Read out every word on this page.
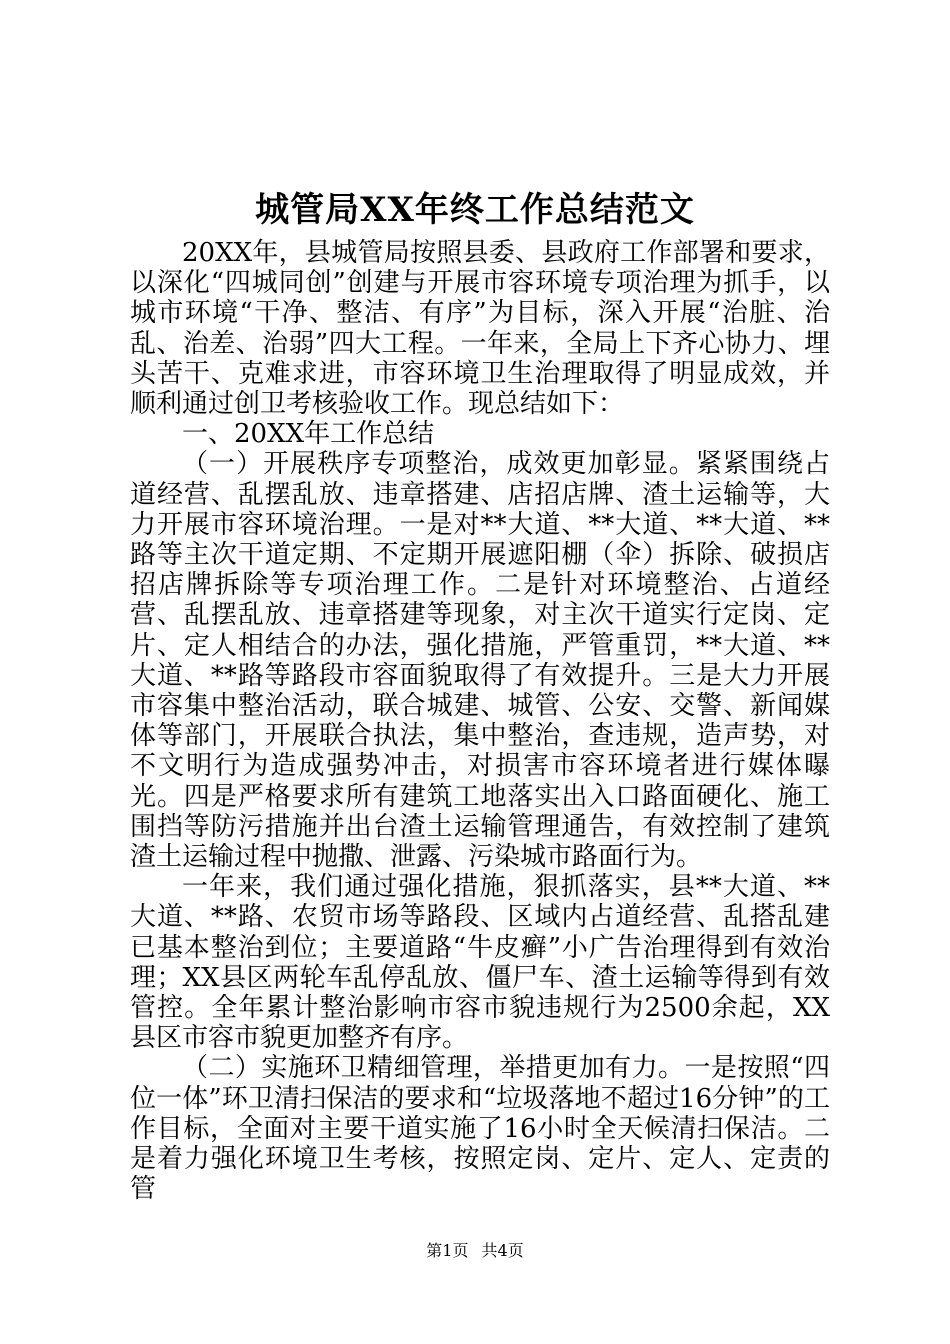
城管局XX年终工作总结范文

20XX年，县城管局按照县委、县政府工作部署和要求，以深化“四城同创”创建与开展市容环境专项治理为抓手，以城市环境“干净、整洁、有序”为目标，深入开展“治脏、治乱、治差、治弱”四大工程。一年来，全局上下齐心协力、埋头苦干、克难求进，市容环境卫生治理取得了明显成效，并顺利通过创卫考核验收工作。现总结如下：

一、20XX年工作总结

（一）开展秩序专项整治，成效更加彰显。紧紧围绕占道经营、乱摆乱放、违章搭建、店招店牌、渣土运输等，大力开展市容环境治理。一是对**大道、**大道、**大道、**路等主次干道定期、不定期开展遮阳棚（伞）拆除、破损店招店牌拆除等专项治理工作。二是针对环境整治、占道经营、乱摆乱放、违章搭建等现象，对主次干道实行定岗、定片、定人相结合的办法，强化措施，严管重罚，**大道、**大道、**路等路段市容面貌取得了有效提升。三是大力开展市容集中整治活动，联合城建、城管、公安、交警、新闻媒体等部门，开展联合执法，集中整治，查违规，造声势，对不文明行为造成强势冲击，对损害市容环境者进行媒体曝光。四是严格要求所有建筑工地落实出入口路面硬化、施工围挡等防污措施并出台渣土运输管理通告，有效控制了建筑渣土运输过程中抛撒、泄露、污染城市路面行为。

一年来，我们通过强化措施，狠抓落实，县**大道、**大道、**路、农贸市场等路段、区域内占道经营、乱搭乱建已基本整治到位；主要道路“牛皮癣”小广告治理得到有效治理；XX县区两轮车乱停乱放、僵尸车、渣土运输等得到有效管控。全年累计整治影响市容市貌违规行为2500余起，XX县区市容市貌更加整齐有序。

（二）实施环卫精细管理，举措更加有力。一是按照“四位一体”环卫清扫保洁的要求和“垃圾落地不超过16分钟”的工作目标，全面对主要干道实施了16小时全天候清扫保洁。二是着力强化环境卫生考核，按照定岗、定片、定人、定责的管

第1页 共4页
